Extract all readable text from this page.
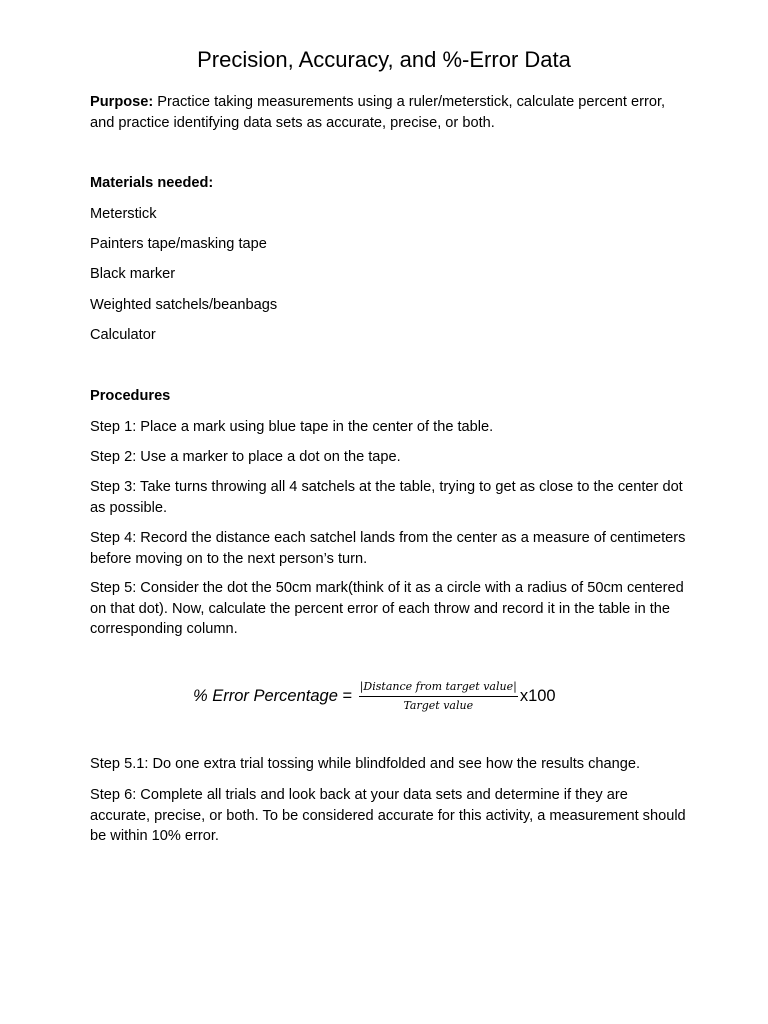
Precision, Accuracy, and %-Error Data

Purpose: Practice taking measurements using a ruler/meterstick, calculate percent error, and practice identifying data sets as accurate, precise, or both.

Materials needed:

Meterstick

Painters tape/masking tape

Black marker

Weighted satchels/beanbags

Calculator

Procedures

Step 1: Place a mark using blue tape in the center of the table.

Step 2: Use a marker to place a dot on the tape.

Step 3: Take turns throwing all 4 satchels at the table, trying to get as close to the center dot as possible.

Step 4: Record the distance each satchel lands from the center as a measure of centimeters before moving on to the next person’s turn.

Step 5: Consider the dot the 50cm mark(think of it as a circle with a radius of 50cm centered on that dot). Now, calculate the percent error of each throw and record it in the table in the corresponding column.

% Error Percentage = $\frac{\text{|Distance from target value|}}{\text{Target value}} x100$

Step 5.1: Do one extra trial tossing while blindfolded and see how the results change.

Step 6: Complete all trials and look back at your data sets and determine if they are accurate, precise, or both. To be considered accurate for this activity, a measurement should be within 10% error.
